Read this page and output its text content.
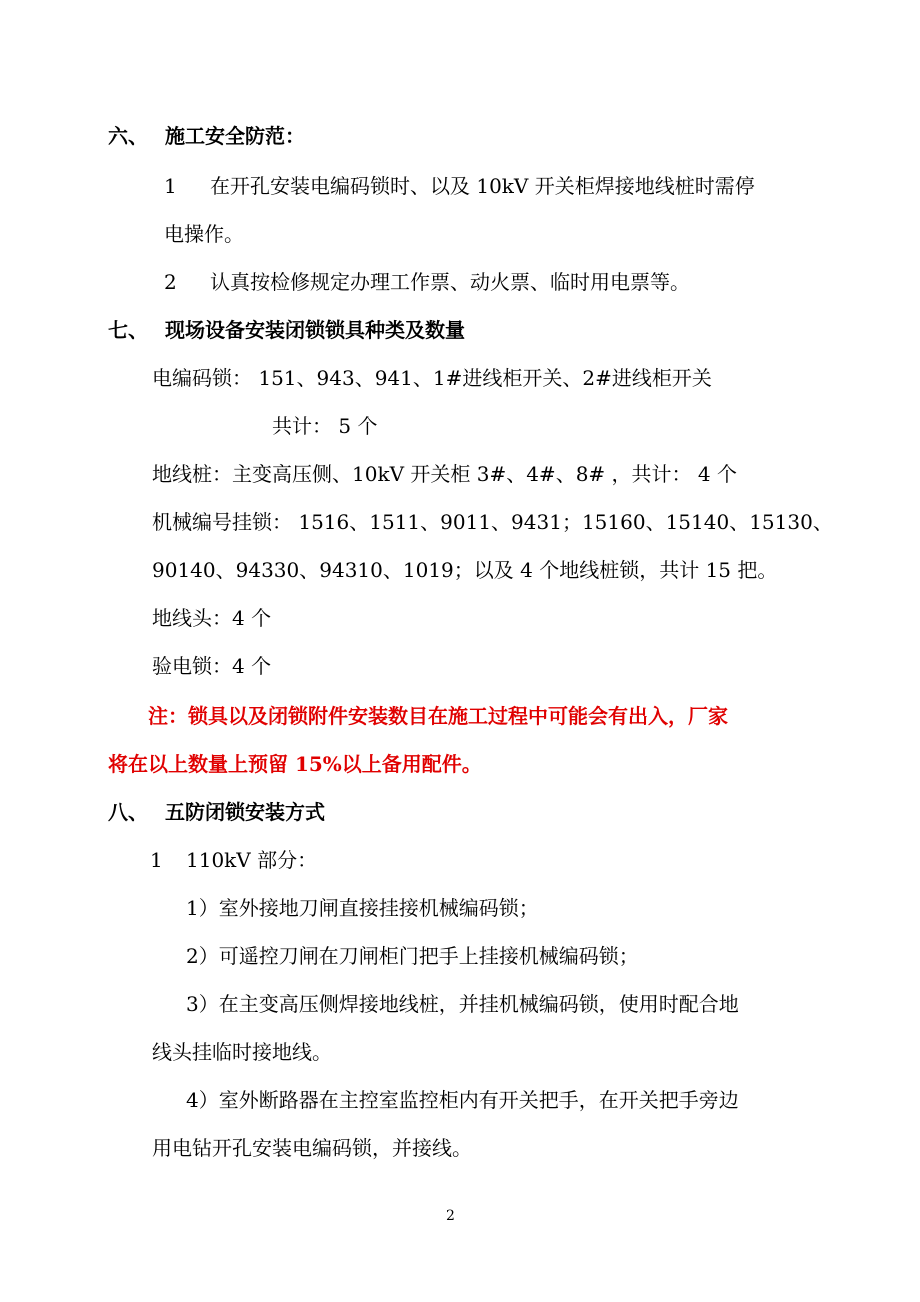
六、 施工安全防范：
1 在开孔安装电编码锁时、以及 10kV 开关柜焊接地线桩时需停
电操作。
2 认真按检修规定办理工作票、动火票、临时用电票等。
七、 现场设备安装闭锁锁具种类及数量
电编码锁： 151、943、941、1#进线柜开关、2#进线柜开关
共计： 5 个
地线桩：主变高压侧、10kV 开关柜 3#、4#、8# ，共计： 4 个
机械编号挂锁： 1516、1511、9011、9431；15160、15140、15130、
90140、94330、94310、1019；以及 4 个地线桩锁，共计 15 把。
地线头：4 个
验电锁：4 个
注：锁具以及闭锁附件安装数目在施工过程中可能会有出入，厂家
将在以上数量上预留 15%以上备用配件。
八、 五防闭锁安装方式
1 110kV 部分：
1）室外接地刀闸直接挂接机械编码锁；
2）可遥控刀闸在刀闸柜门把手上挂接机械编码锁；
3）在主变高压侧焊接地线桩，并挂机械编码锁，使用时配合地
线头挂临时接地线。
4）室外断路器在主控室监控柜内有开关把手，在开关把手旁边
用电钻开孔安装电编码锁，并接线。
2
